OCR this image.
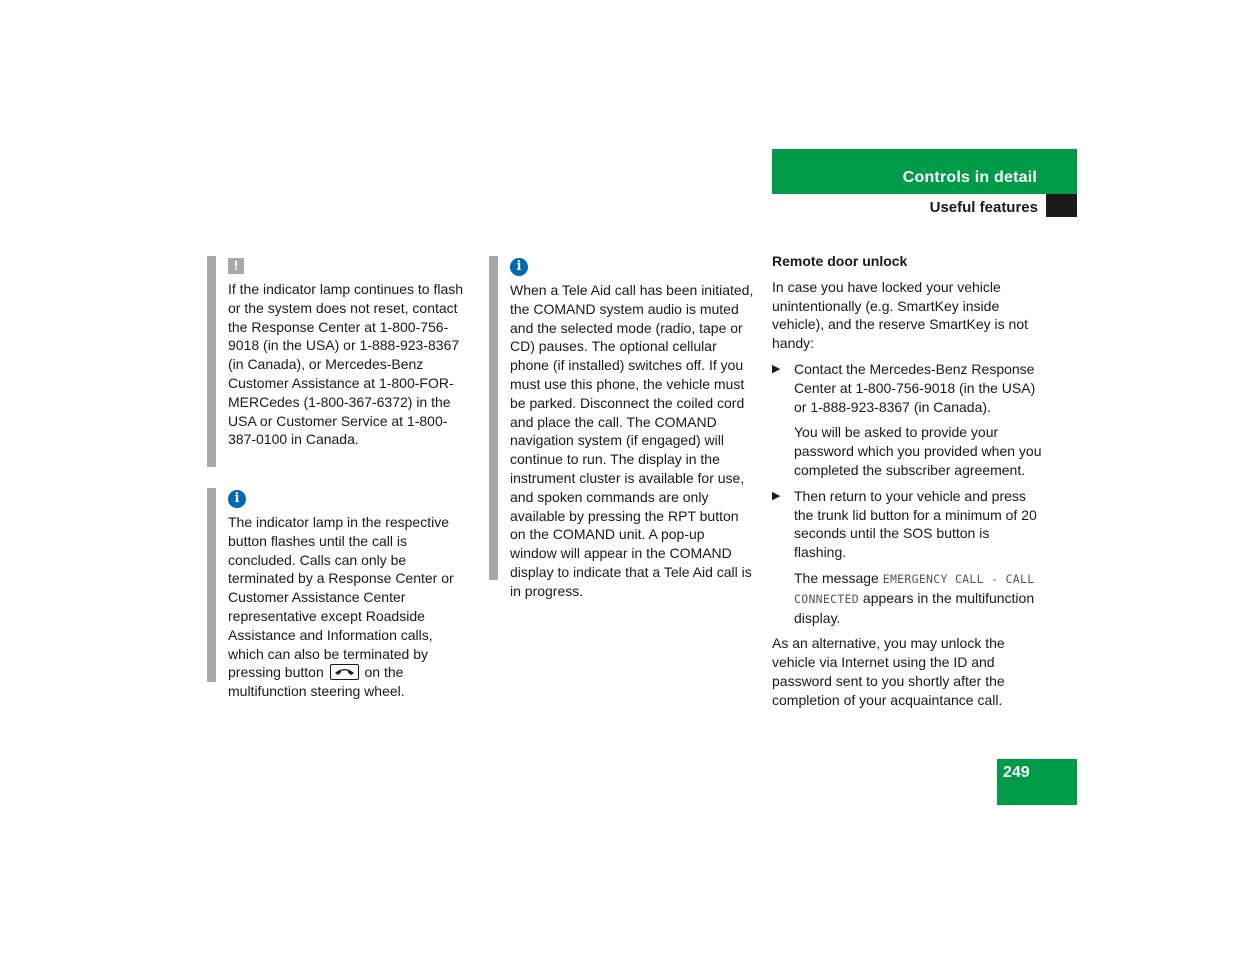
Controls in detail
Useful features
!

If the indicator lamp continues to flash or the system does not reset, contact the Response Center at 1-800-756-9018 (in the USA) or 1-888-923-8367 (in Canada), or Mercedes-Benz Customer Assistance at 1-800-FOR-MERCedes (1-800-367-6372) in the USA or Customer Service at 1-800-387-0100 in Canada.

i

The indicator lamp in the respective button flashes until the call is concluded. Calls can only be terminated by a Response Center or Customer Assistance Center representative except Roadside Assistance and Information calls, which can also be terminated by pressing button	on the multifunction steering wheel.

i

When a Tele Aid call has been initiated, the COMAND system audio is muted and the selected mode (radio, tape or CD) pauses. The optional cellular phone (if installed) switches off. If you must use this phone, the vehicle must be parked. Disconnect the coiled cord and place the call. The COMAND navigation system (if engaged) will continue to run. The display in the instrument cluster is available for use, and spoken commands are only available by pressing the RPT button on the COMAND unit. A pop-up window will appear in the COMAND display to indicate that a Tele Aid call is in progress.

Remote door unlock

In case you have locked your vehicle unintentionally (e.g. SmartKey inside vehicle), and the reserve SmartKey is not handy:

▶ Contact the Mercedes-Benz Response Center at 1-800-756-9018 (in the USA) or 1-888-923-8367 (in Canada).

You will be asked to provide your password which you provided when you completed the subscriber agreement.

▶ Then return to your vehicle and press the trunk lid button for a minimum of 20 seconds until the SOS button is flashing.

The message EMERGENCY CALL - CALL CONNECTED appears in the multifunction display.

As an alternative, you may unlock the vehicle via Internet using the ID and password sent to you shortly after the completion of your acquaintance call.

249
